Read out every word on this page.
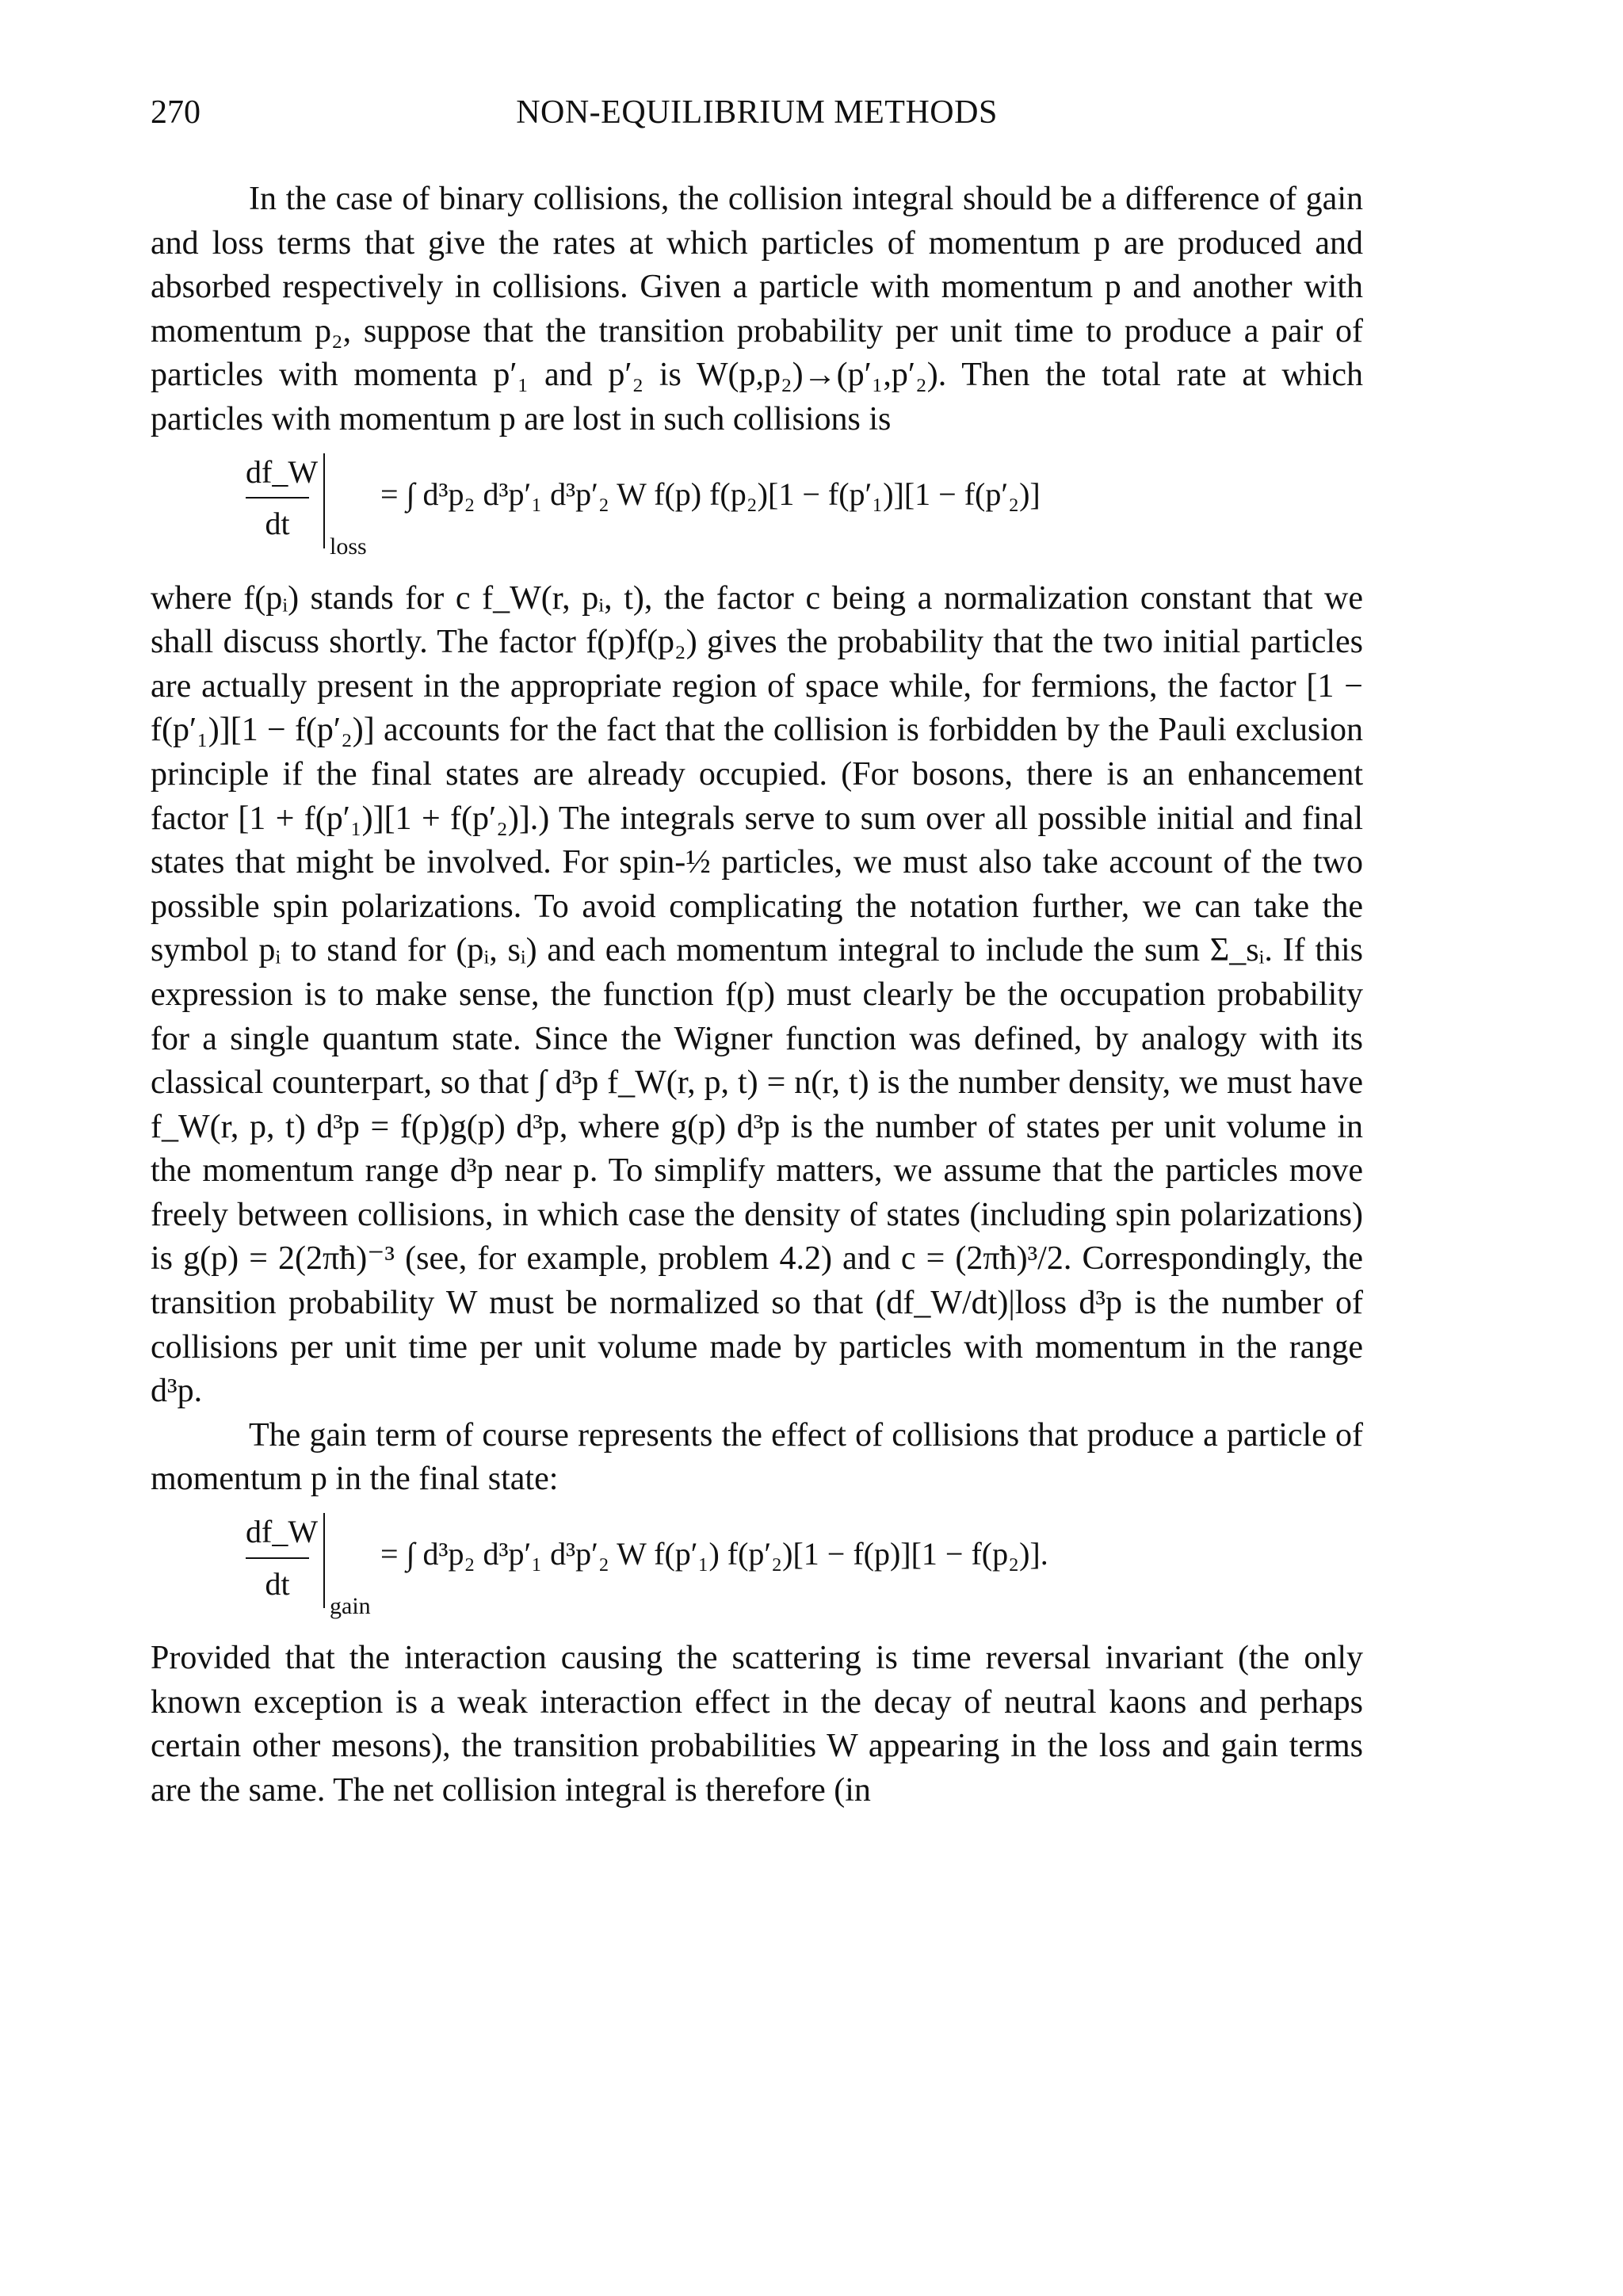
270	NON-EQUILIBRIUM METHODS

In the case of binary collisions, the collision integral should be a difference of gain and loss terms that give the rates at which particles of momentum p are produced and absorbed respectively in collisions. Given a particle with momentum p and another with momentum p₂, suppose that the transition probability per unit time to produce a pair of particles with momenta p′₁ and p′₂ is W(p,p₂)→(p′₁,p′₂). Then the total rate at which particles with momentum p are lost in such collisions is

$\frac{df\_W}{dt}$
loss
= ∫ d³p₂ d³p′₁ d³p′₂ W f(p) f(p₂)[1 − f(p′₁)][1 − f(p′₂)]

where f(pᵢ) stands for c f_W(r, pᵢ, t), the factor c being a normalization constant that we shall discuss shortly. The factor f(p)f(p₂) gives the probability that the two initial particles are actually present in the appropriate region of space while, for fermions, the factor [1 − f(p′₁)][1 − f(p′₂)] accounts for the fact that the collision is forbidden by the Pauli exclusion principle if the final states are already occupied. (For bosons, there is an enhancement factor [1 + f(p′₁)][1 + f(p′₂)].) The integrals serve to sum over all possible initial and final states that might be involved. For spin-½ particles, we must also take account of the two possible spin polarizations. To avoid complicating the notation further, we can take the symbol pᵢ to stand for (pᵢ, sᵢ) and each momentum integral to include the sum Σ_sᵢ. If this expression is to make sense, the function f(p) must clearly be the occupation probability for a single quantum state. Since the Wigner function was defined, by analogy with its classical counterpart, so that ∫ d³p f_W(r, p, t) = n(r, t) is the number density, we must have f_W(r, p, t) d³p = f(p)g(p) d³p, where g(p) d³p is the number of states per unit volume in the momentum range d³p near p. To simplify matters, we assume that the particles move freely between collisions, in which case the density of states (including spin polarizations) is g(p) = 2(2πħ)⁻³ (see, for example, problem 4.2) and c = (2πħ)³/2. Correspondingly, the transition probability W must be normalized so that (df_W/dt)|loss d³p is the number of collisions per unit time per unit volume made by particles with momentum in the range d³p.

The gain term of course represents the effect of collisions that produce a particle of momentum p in the final state:

$\frac{df\_W}{dt}$
gain
= ∫ d³p₂ d³p′₁ d³p′₂ W f(p′₁) f(p′₂)[1 − f(p)][1 − f(p₂)].

Provided that the interaction causing the scattering is time reversal invariant (the only known exception is a weak interaction effect in the decay of neutral kaons and perhaps certain other mesons), the transition probabilities W appearing in the loss and gain terms are the same. The net collision integral is therefore (in
